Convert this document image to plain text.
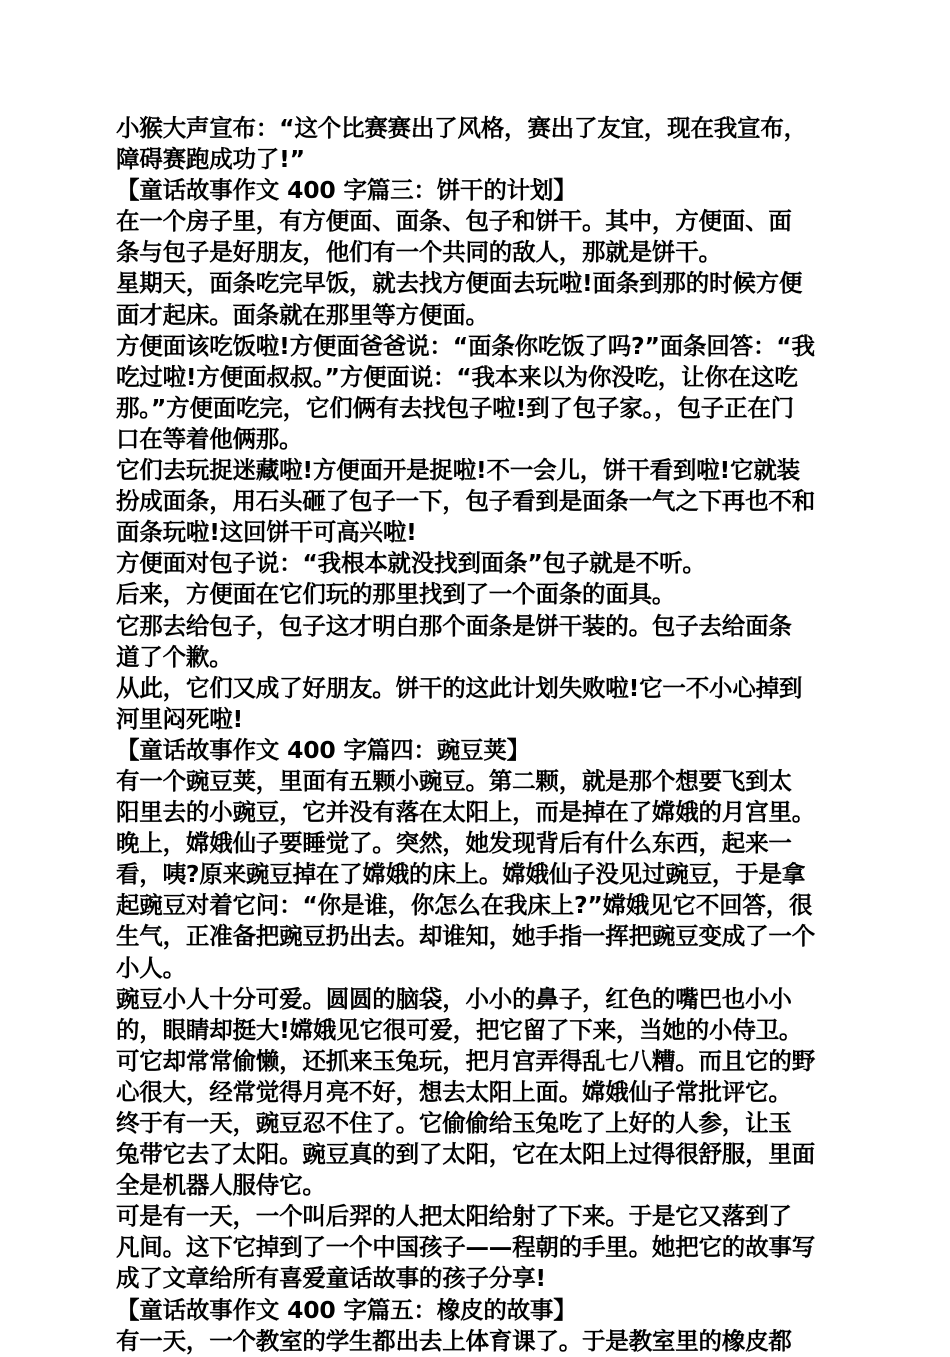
小猴大声宣布：“这个比赛赛出了风格，赛出了友宜，现在我宣布，
障碍赛跑成功了!”
【童话故事作文 400 字篇三：饼干的计划】
在一个房子里，有方便面、面条、包子和饼干。其中，方便面、面
条与包子是好朋友，他们有一个共同的敌人，那就是饼干。
星期天，面条吃完早饭，就去找方便面去玩啦!面条到那的时候方便
面才起床。面条就在那里等方便面。
方便面该吃饭啦!方便面爸爸说：“面条你吃饭了吗?”面条回答：“我
吃过啦!方便面叔叔。”方便面说：“我本来以为你没吃，让你在这吃
那。”方便面吃完，它们俩有去找包子啦!到了包子家。，包子正在门
口在等着他俩那。
它们去玩捉迷藏啦!方便面开是捉啦!不一会儿，饼干看到啦!它就装
扮成面条，用石头砸了包子一下，包子看到是面条一气之下再也不和
面条玩啦!这回饼干可高兴啦!
方便面对包子说：“我根本就没找到面条”包子就是不听。
后来，方便面在它们玩的那里找到了一个面条的面具。
它那去给包子，包子这才明白那个面条是饼干装的。包子去给面条
道了个歉。
从此，它们又成了好朋友。饼干的这此计划失败啦!它一不小心掉到
河里闷死啦!
【童话故事作文 400 字篇四：豌豆荚】
有一个豌豆荚，里面有五颗小豌豆。第二颗，就是那个想要飞到太
阳里去的小豌豆，它并没有落在太阳上，而是掉在了嫦娥的月宫里。
晚上，嫦娥仙子要睡觉了。突然，她发现背后有什么东西，起来一
看，咦?原来豌豆掉在了嫦娥的床上。嫦娥仙子没见过豌豆，于是拿
起豌豆对着它问：“你是谁，你怎么在我床上?”嫦娥见它不回答，很
生气，正准备把豌豆扔出去。却谁知，她手指一挥把豌豆变成了一个
小人。
豌豆小人十分可爱。圆圆的脑袋，小小的鼻子，红色的嘴巴也小小
的，眼睛却挺大!嫦娥见它很可爱，把它留了下来，当她的小侍卫。
可它却常常偷懒，还抓来玉兔玩，把月宫弄得乱七八糟。而且它的野
心很大，经常觉得月亮不好，想去太阳上面。嫦娥仙子常批评它。
终于有一天，豌豆忍不住了。它偷偷给玉兔吃了上好的人参，让玉
兔带它去了太阳。豌豆真的到了太阳，它在太阳上过得很舒服，里面
全是机器人服侍它。
可是有一天，一个叫后羿的人把太阳给射了下来。于是它又落到了
凡间。这下它掉到了一个中国孩子——程朝的手里。她把它的故事写
成了文章给所有喜爱童话故事的孩子分享!
【童话故事作文 400 字篇五：橡皮的故事】
有一天，一个教室的学生都出去上体育课了。于是教室里的橡皮都
